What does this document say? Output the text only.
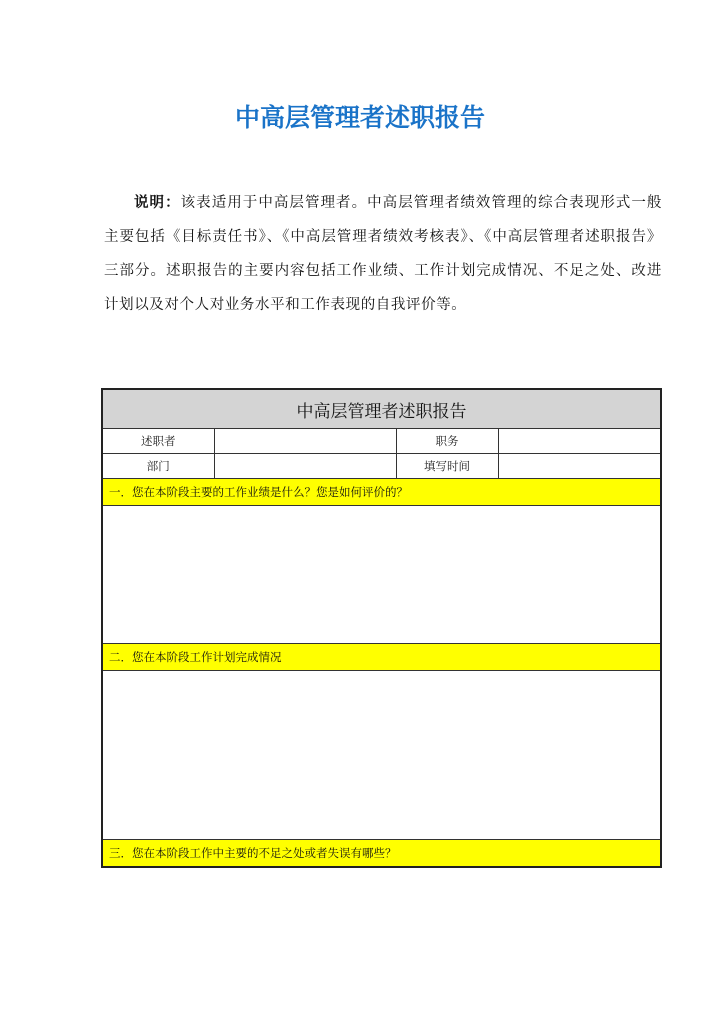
中高层管理者述职报告
说明：该表适用于中高层管理者。中高层管理者绩效管理的综合表现形式一般主要包括《目标责任书》、《中高层管理者绩效考核表》、《中高层管理者述职报告》三部分。述职报告的主要内容包括工作业绩、工作计划完成情况、不足之处、改进计划以及对个人对业务水平和工作表现的自我评价等。
中高层管理者述职报告			
述职者		职务	
部门		填写时间	
一．您在本阶段主要的工作业绩是什么？您是如何评价的？			

二．您在本阶段工作计划完成情况			

三．您在本阶段工作中主要的不足之处或者失误有哪些？			
